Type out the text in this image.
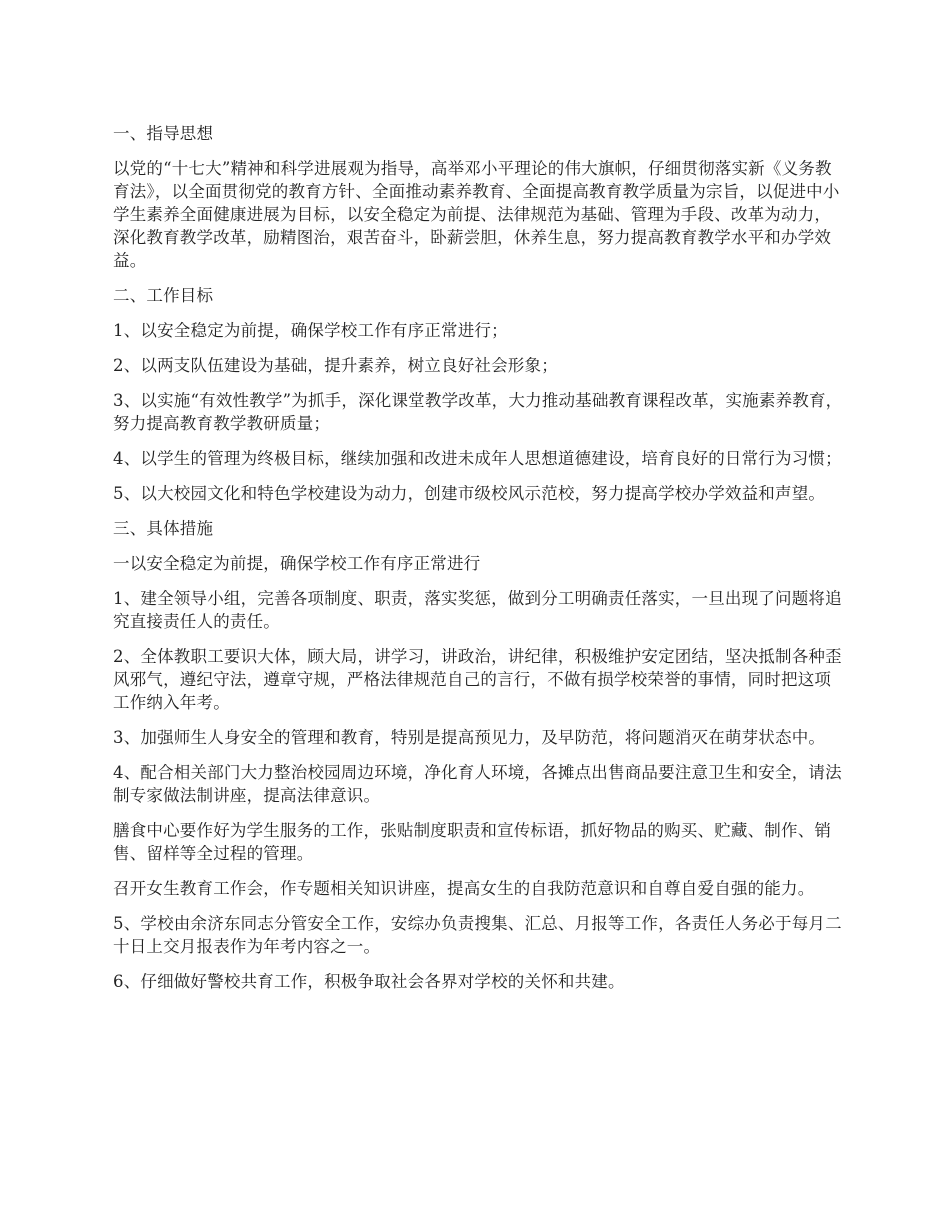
一、指导思想

以党的“十七大”精神和科学进展观为指导，高举邓小平理论的伟大旗帜，仔细贯彻落实新《义务教育法》，以全面贯彻党的教育方针、全面推动素养教育、全面提高教育教学质量为宗旨，以促进中小学生素养全面健康进展为目标，以安全稳定为前提、法律规范为基础、管理为手段、改革为动力，深化教育教学改革，励精图治，艰苦奋斗，卧薪尝胆，休养生息，努力提高教育教学水平和办学效益。

二、工作目标

1、以安全稳定为前提，确保学校工作有序正常进行；

2、以两支队伍建设为基础，提升素养，树立良好社会形象；

3、以实施“有效性教学”为抓手，深化课堂教学改革，大力推动基础教育课程改革，实施素养教育，努力提高教育教学教研质量；

4、以学生的管理为终极目标，继续加强和改进未成年人思想道德建设，培育良好的日常行为习惯；

5、以大校园文化和特色学校建设为动力，创建市级校风示范校，努力提高学校办学效益和声望。

三、具体措施

一以安全稳定为前提，确保学校工作有序正常进行

1、建全领导小组，完善各项制度、职责，落实奖惩，做到分工明确责任落实，一旦出现了问题将追究直接责任人的责任。

2、全体教职工要识大体，顾大局，讲学习，讲政治，讲纪律，积极维护安定团结，坚决抵制各种歪风邪气，遵纪守法，遵章守规，严格法律规范自己的言行，不做有损学校荣誉的事情，同时把这项工作纳入年考。

3、加强师生人身安全的管理和教育，特别是提高预见力，及早防范，将问题消灭在萌芽状态中。

4、配合相关部门大力整治校园周边环境，净化育人环境，各摊点出售商品要注意卫生和安全，请法制专家做法制讲座，提高法律意识。

膳食中心要作好为学生服务的工作，张贴制度职责和宣传标语，抓好物品的购买、贮藏、制作、销售、留样等全过程的管理。

召开女生教育工作会，作专题相关知识讲座，提高女生的自我防范意识和自尊自爱自强的能力。

5、学校由余济东同志分管安全工作，安综办负责搜集、汇总、月报等工作，各责任人务必于每月二十日上交月报表作为年考内容之一。

6、仔细做好警校共育工作，积极争取社会各界对学校的关怀和共建。
